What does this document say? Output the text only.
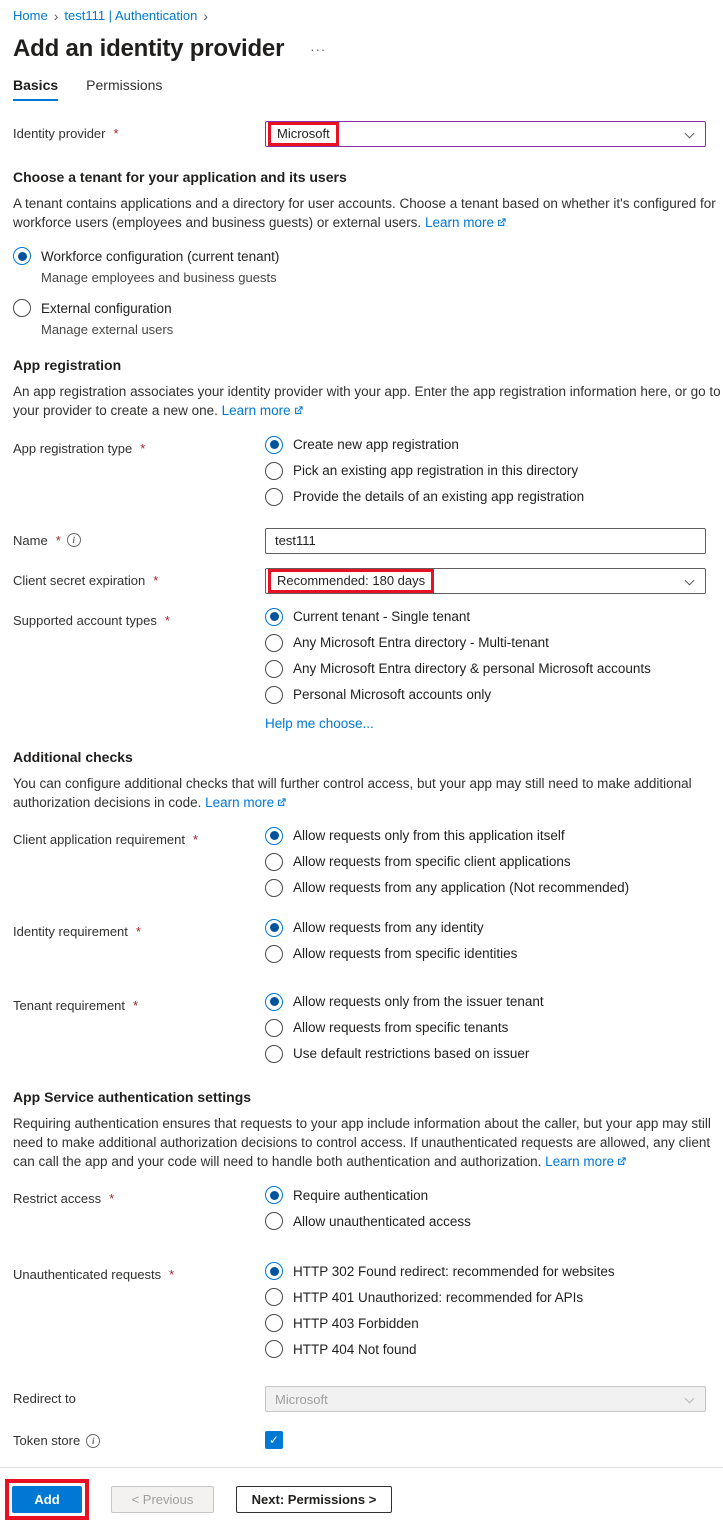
Home › test111 | Authentication ›
Add an identity provider ···
Basics Permissions
Identity provider *	Microsoft
Choose a tenant for your application and its users

A tenant contains applications and a directory for user accounts. Choose a tenant based on whether it's configured for workforce users (employees and business guests) or external users. Learn more

Workforce configuration (current tenant)
Manage employees and business guests
External configuration
Manage external users
App registration

An app registration associates your identity provider with your app. Enter the app registration information here, or go to your provider to create a new one. Learn more

App registration type *	Create new app registration
Pick an existing app registration in this directory
Provide the details of an existing app registration
Name *	i	test111
Client secret expiration *	Recommended: 180 days
Supported account types *	Current tenant - Single tenant
Any Microsoft Entra directory - Multi-tenant
Any Microsoft Entra directory & personal Microsoft accounts
Personal Microsoft accounts only
Help me choose...
Additional checks

You can configure additional checks that will further control access, but your app may still need to make additional authorization decisions in code. Learn more

Client application requirement *	Allow requests only from this application itself
Allow requests from specific client applications
Allow requests from any application (Not recommended)
Identity requirement *	Allow requests from any identity
Allow requests from specific identities
Tenant requirement *	Allow requests only from the issuer tenant
Allow requests from specific tenants
Use default restrictions based on issuer
App Service authentication settings

Requiring authentication ensures that requests to your app include information about the caller, but your app may still need to make additional authorization decisions to control access. If unauthenticated requests are allowed, any client can call the app and your code will need to handle both authentication and authorization. Learn more

Restrict access *	Require authentication
Allow unauthenticated access
Unauthenticated requests *	HTTP 302 Found redirect: recommended for websites
HTTP 401 Unauthorized: recommended for APIs
HTTP 403 Forbidden
HTTP 404 Not found
Redirect to	Microsoft
Token store	i	✓
Add	< Previous	Next: Permissions >
